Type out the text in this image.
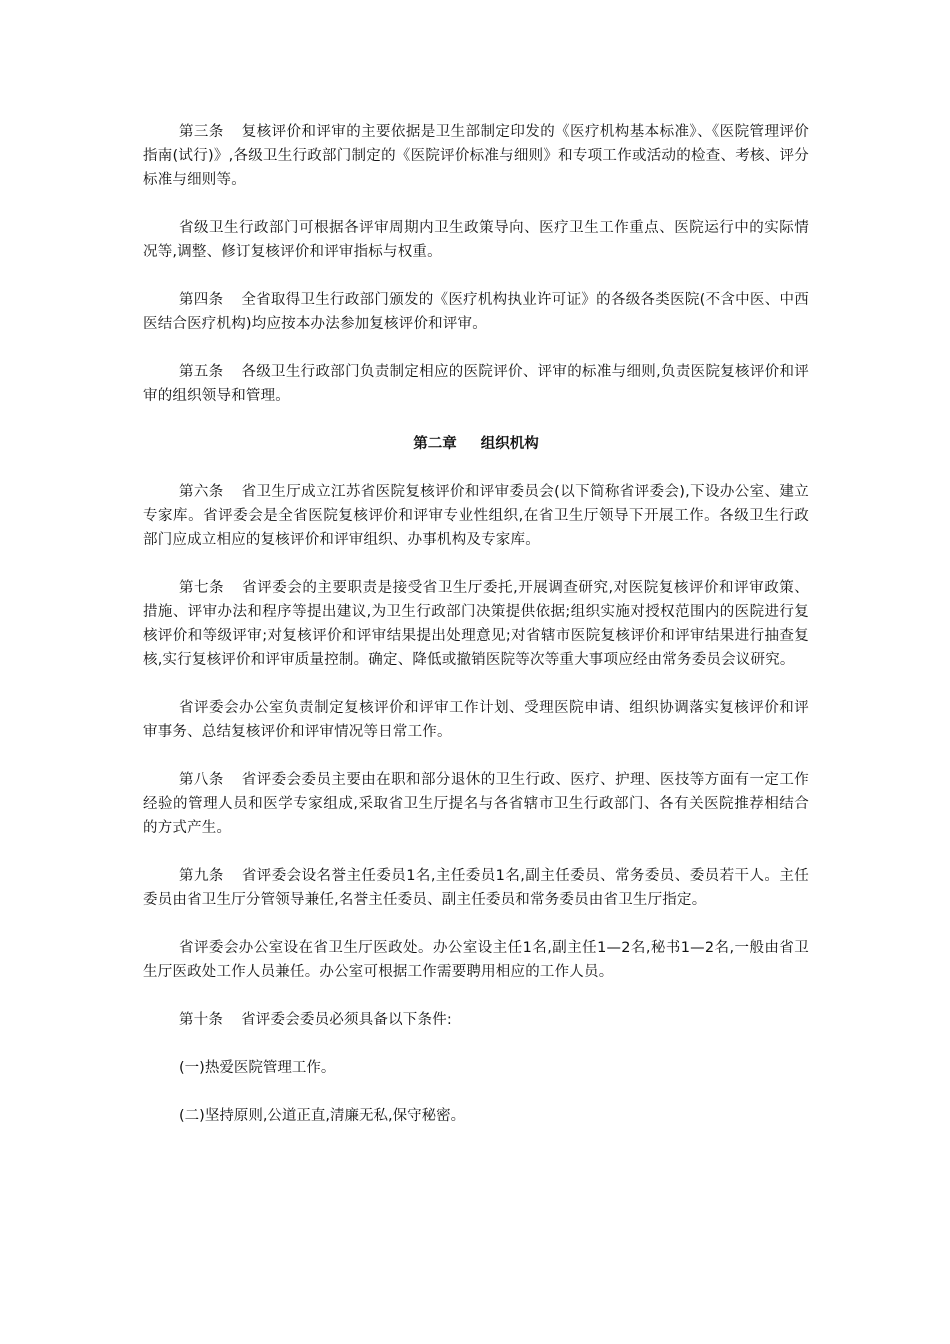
第三条 复核评价和评审的主要依据是卫生部制定印发的《医疗机构基本标准》、《医院管理评价指南(试行)》,各级卫生行政部门制定的《医院评价标准与细则》和专项工作或活动的检查、考核、评分标准与细则等。

省级卫生行政部门可根据各评审周期内卫生政策导向、医疗卫生工作重点、医院运行中的实际情况等,调整、修订复核评价和评审指标与权重。

第四条 全省取得卫生行政部门颁发的《医疗机构执业许可证》的各级各类医院(不含中医、中西医结合医疗机构)均应按本办法参加复核评价和评审。

第五条 各级卫生行政部门负责制定相应的医院评价、评审的标准与细则,负责医院复核评价和评审的组织领导和管理。

第二章 组织机构

第六条 省卫生厅成立江苏省医院复核评价和评审委员会(以下简称省评委会),下设办公室、建立专家库。省评委会是全省医院复核评价和评审专业性组织,在省卫生厅领导下开展工作。各级卫生行政部门应成立相应的复核评价和评审组织、办事机构及专家库。

第七条 省评委会的主要职责是接受省卫生厅委托,开展调查研究,对医院复核评价和评审政策、措施、评审办法和程序等提出建议,为卫生行政部门决策提供依据;组织实施对授权范围内的医院进行复核评价和等级评审;对复核评价和评审结果提出处理意见;对省辖市医院复核评价和评审结果进行抽查复核,实行复核评价和评审质量控制。确定、降低或撤销医院等次等重大事项应经由常务委员会议研究。

省评委会办公室负责制定复核评价和评审工作计划、受理医院申请、组织协调落实复核评价和评审事务、总结复核评价和评审情况等日常工作。

第八条 省评委会委员主要由在职和部分退休的卫生行政、医疗、护理、医技等方面有一定工作经验的管理人员和医学专家组成,采取省卫生厅提名与各省辖市卫生行政部门、各有关医院推荐相结合的方式产生。

第九条 省评委会设名誉主任委员1名,主任委员1名,副主任委员、常务委员、委员若干人。主任委员由省卫生厅分管领导兼任,名誉主任委员、副主任委员和常务委员由省卫生厅指定。

省评委会办公室设在省卫生厅医政处。办公室设主任1名,副主任1—2名,秘书1—2名,一般由省卫生厅医政处工作人员兼任。办公室可根据工作需要聘用相应的工作人员。

第十条 省评委会委员必须具备以下条件:

(一)热爱医院管理工作。
(二)坚持原则,公道正直,清廉无私,保守秘密。
